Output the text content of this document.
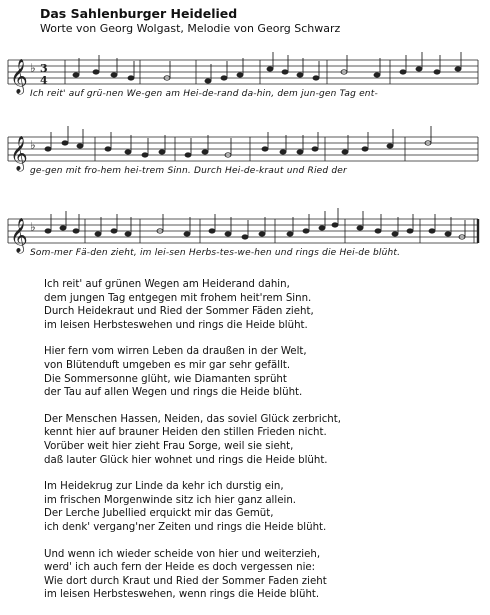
Das Sahlenburger Heidelied
Worte von Georg Wolgast, Melodie von Georg Schwarz
𝄞 ♭ 3
4
Ich reit' auf grü-nen We-gen am Hei-de-rand da-hin, dem jun-gen Tag ent-
𝄞 ♭
ge-gen mit fro-hem hei-trem Sinn. Durch Hei-de-kraut und Ried der
𝄞 ♭
Som-mer Fä-den zieht, im lei-sen Herbs-tes-we-hen und rings die Hei-de blüht.
Ich reit' auf grünen Wegen am Heiderand dahin,
dem jungen Tag entgegen mit frohem heit'rem Sinn.
Durch Heidekraut und Ried der Sommer Fäden zieht,
im leisen Herbsteswehen und rings die Heide blüht.
Hier fern vom wirren Leben da draußen in der Welt,
von Blütenduft umgeben es mir gar sehr gefällt.
Die Sommersonne glüht, wie Diamanten sprüht
der Tau auf allen Wegen und rings die Heide blüht.
Der Menschen Hassen, Neiden, das soviel Glück zerbricht,
kennt hier auf brauner Heiden den stillen Frieden nicht.
Vorüber weit hier zieht Frau Sorge, weil sie sieht,
daß lauter Glück hier wohnet und rings die Heide blüht.
Im Heidekrug zur Linde da kehr ich durstig ein,
im frischen Morgenwinde sitz ich hier ganz allein.
Der Lerche Jubellied erquickt mir das Gemüt,
ich denk' vergang'ner Zeiten und rings die Heide blüht.
Und wenn ich wieder scheide von hier und weiterzieh,
werd' ich auch fern der Heide es doch vergessen nie:
Wie dort durch Kraut und Ried der Sommer Faden zieht
im leisen Herbsteswehen, wenn rings die Heide blüht.
